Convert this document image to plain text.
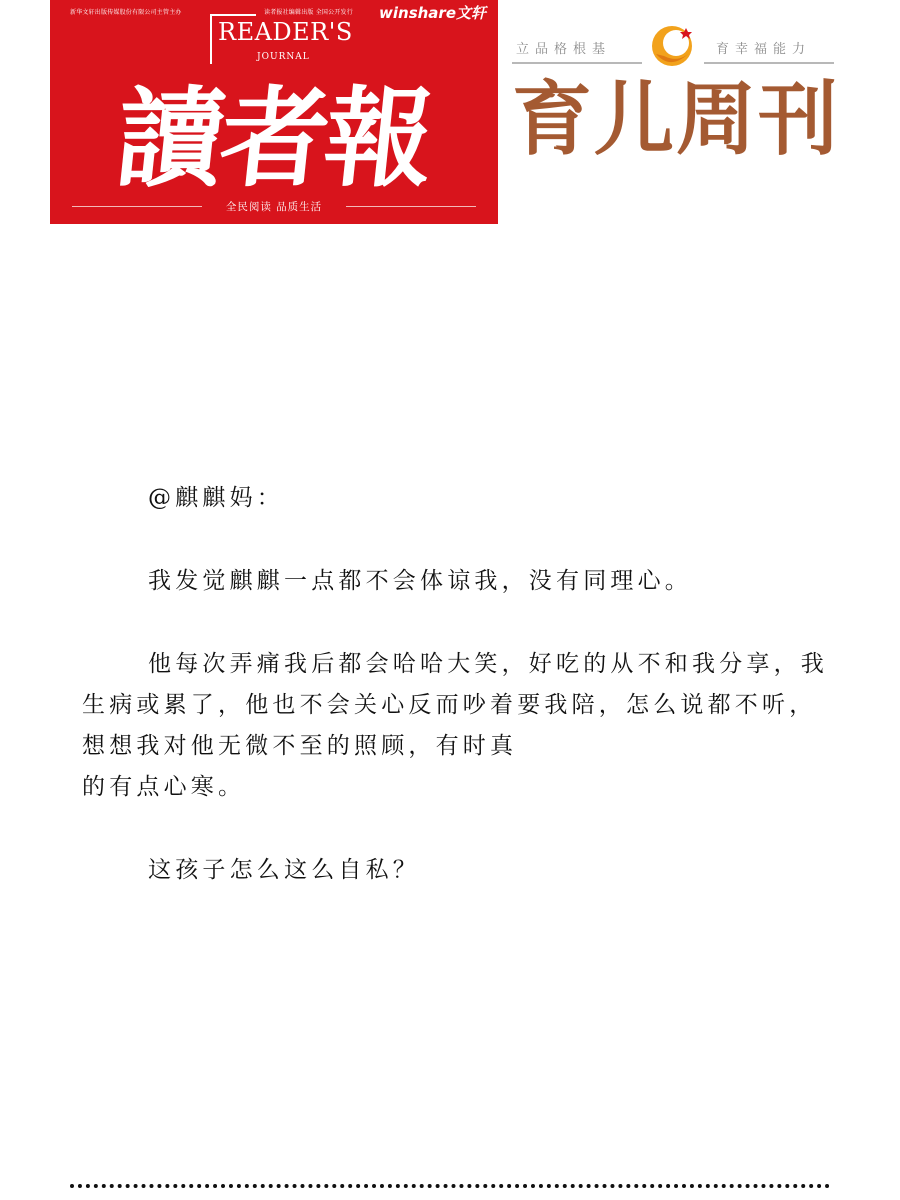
新华文轩出版传媒股份有限公司主管主办	读者报社编辑出版 全国公开发行 winshare文轩
READER'S
JOURNAL
讀者報
全民阅读 品质生活
立品格根基	育幸福能力
育儿周刊

@麒麒妈：

我发觉麒麒一点都不会体谅我，没有同理心。

他每次弄痛我后都会哈哈大笑，好吃的从不和我分享，我生病或累了，他也不会关心反而吵着要我陪，怎么说都不听，想想我对他无微不至的照顾，有时真

的有点心寒。

这孩子怎么这么自私？
